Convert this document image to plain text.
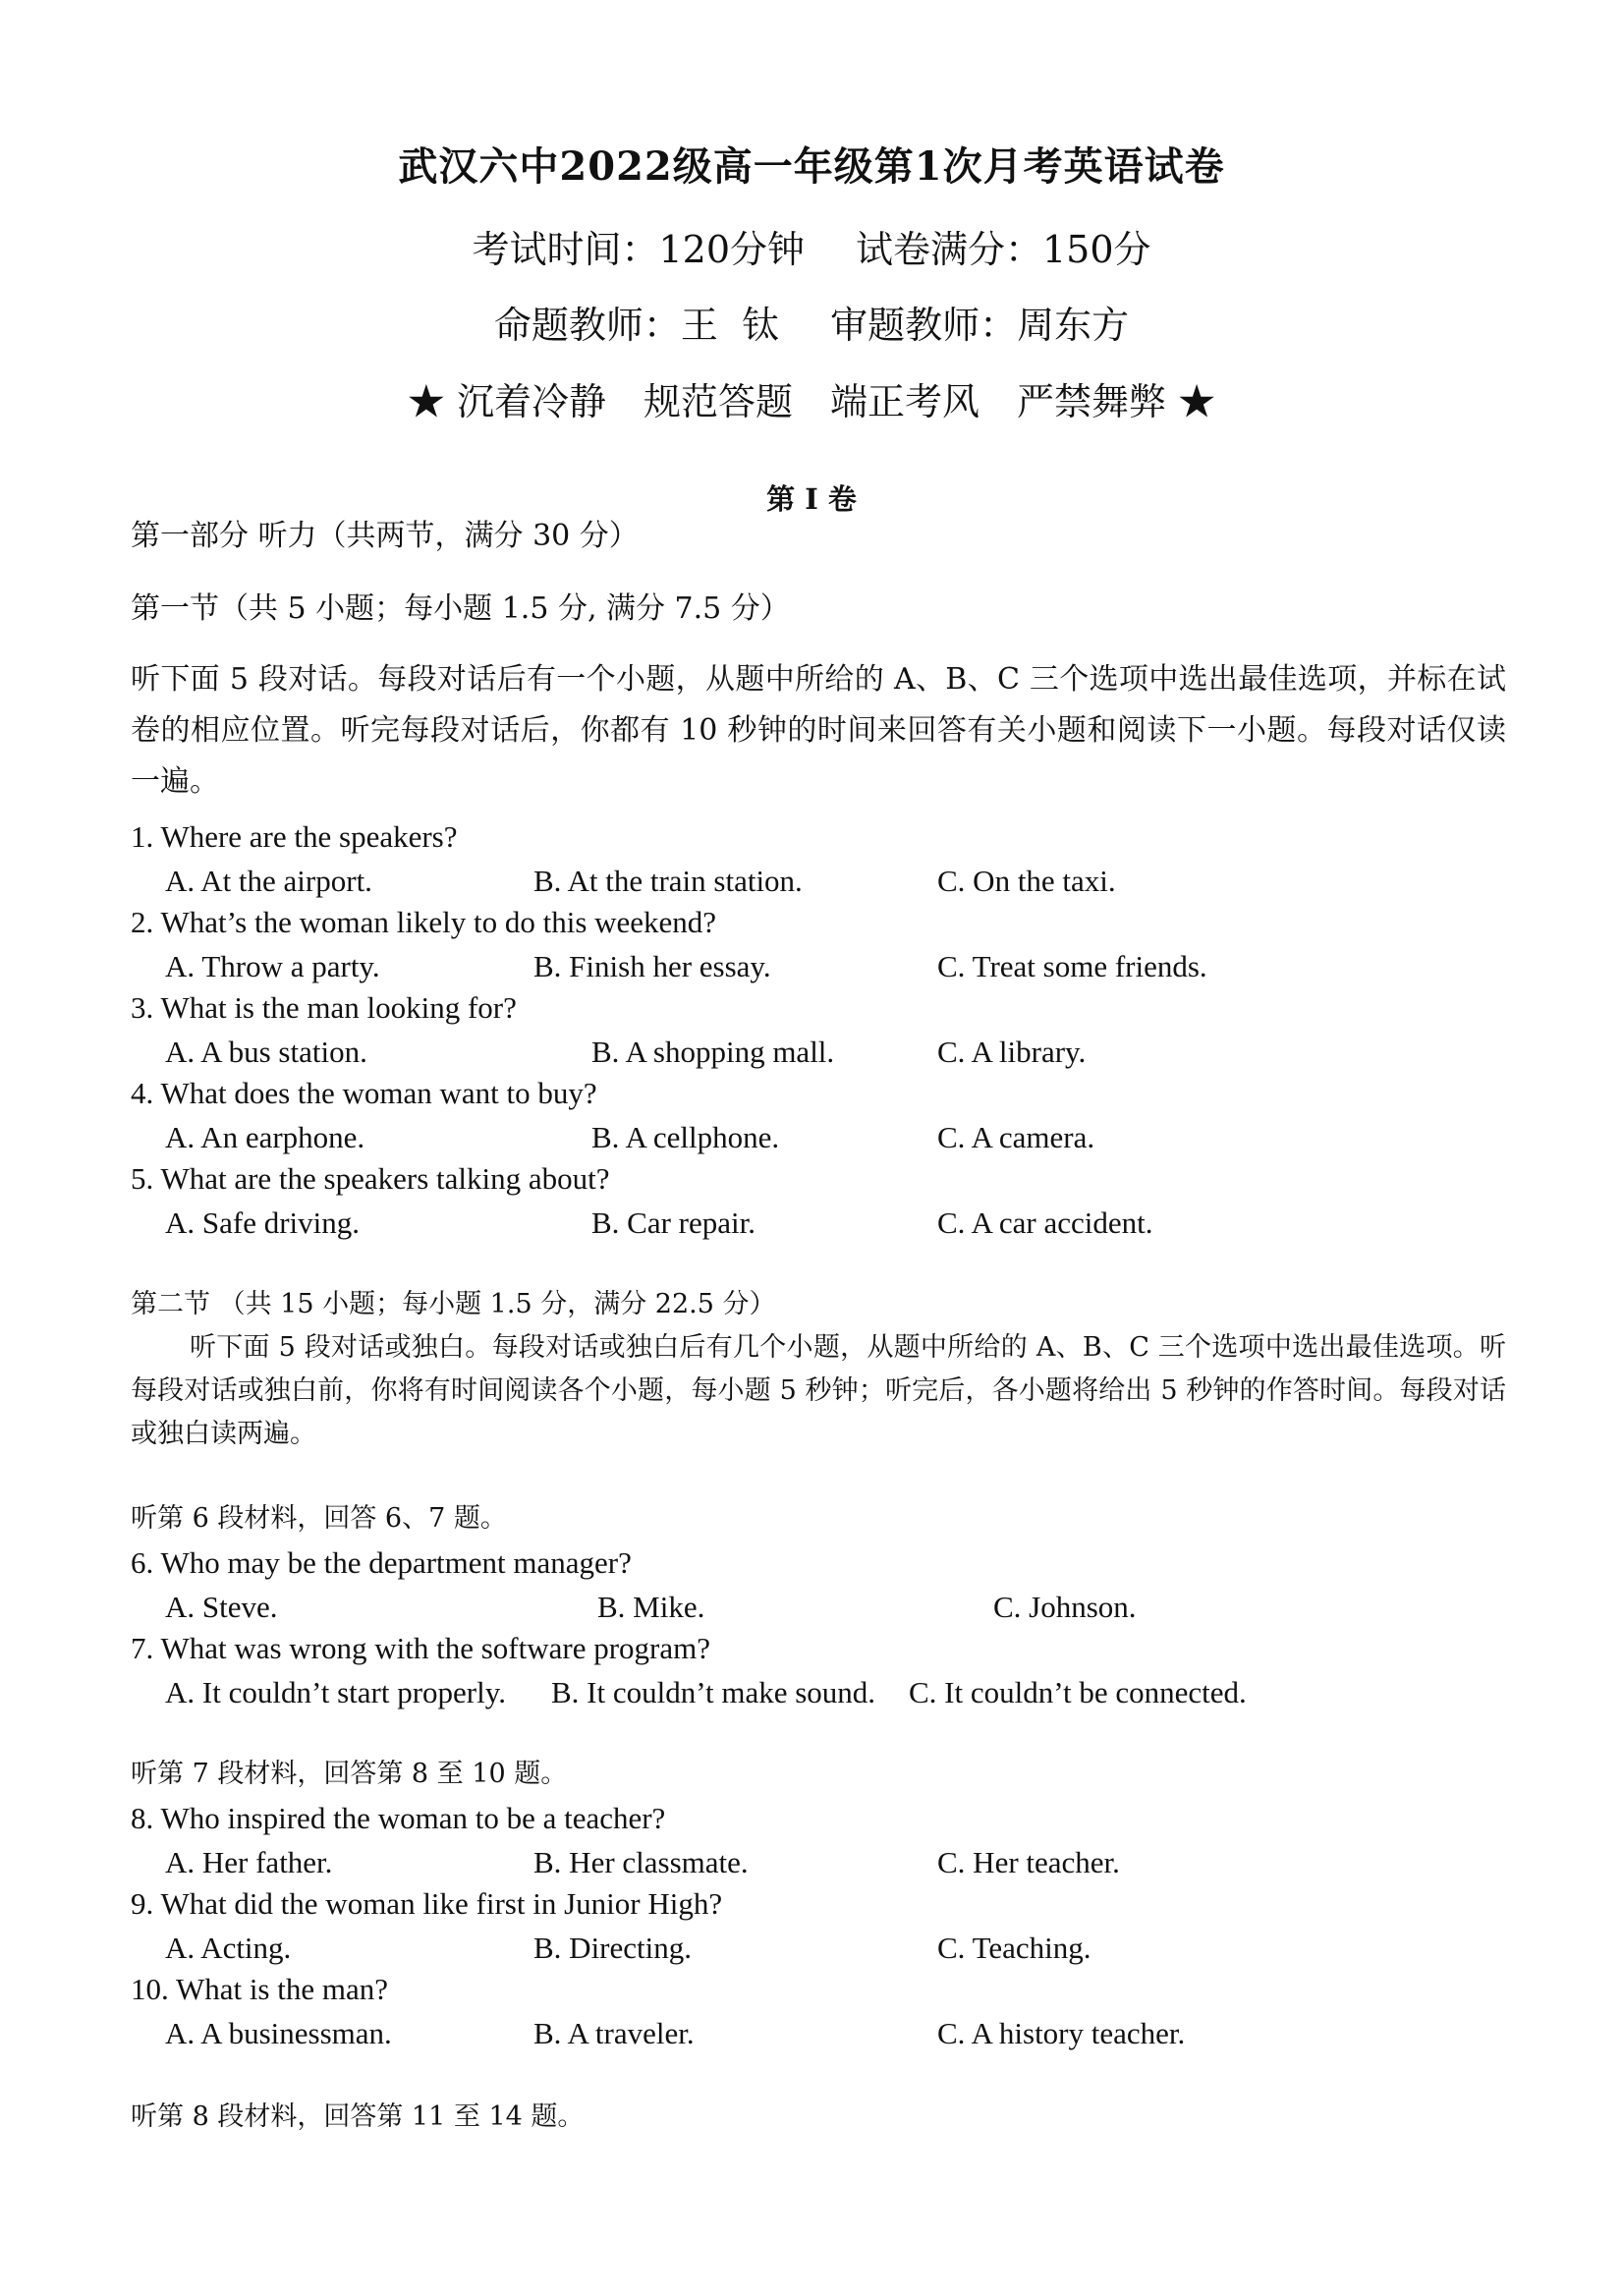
武汉六中2022级高一年级第1次月考英语试卷
考试时间：120分钟 试卷满分：150分
命题教师：王  钛 审题教师：周东方
★ 沉着冷静 规范答题 端正考风 严禁舞弊 ★
第 I 卷
第一部分 听力（共两节，满分 30 分）
第一节（共 5 小题；每小题 1.5 分, 满分 7.5 分）
听下面 5 段对话。每段对话后有一个小题，从题中所给的 A、B、C 三个选项中选出最佳选项，并标在试卷的相应位置。听完每段对话后，你都有 10 秒钟的时间来回答有关小题和阅读下一小题。每段对话仅读一遍。
1. Where are the speakers?
A. At the airport.	B. At the train station.	C. On the taxi.
2. What’s the woman likely to do this weekend?
A. Throw a party.	B. Finish her essay.	C. Treat some friends.
3. What is the man looking for?
A. A bus station.	B. A shopping mall.	C. A library.
4. What does the woman want to buy?
A. An earphone.	B. A cellphone.	C. A camera.
5. What are the speakers talking about?
A. Safe driving.	B. Car repair.	C. A car accident.
第二节 （共 15 小题；每小题 1.5 分，满分 22.5 分）
听下面 5 段对话或独白。每段对话或独白后有几个小题，从题中所给的 A、B、C 三个选项中选出最佳选项。听每段对话或独白前，你将有时间阅读各个小题，每小题 5 秒钟；听完后，各小题将给出 5 秒钟的作答时间。每段对话或独白读两遍。
听第 6 段材料，回答 6、7 题。
6. Who may be the department manager?
A. Steve.	B. Mike.	C. Johnson.
7. What was wrong with the software program?
A. It couldn’t start properly. B. It couldn’t make sound. C. It couldn’t be connected.
听第 7 段材料，回答第 8 至 10 题。
8. Who inspired the woman to be a teacher?
A. Her father.	B. Her classmate.	C. Her teacher.
9. What did the woman like first in Junior High?
A. Acting.	B. Directing.	C. Teaching.
10. What is the man?
A. A businessman.	B. A traveler.	C. A history teacher.
听第 8 段材料，回答第 11 至 14 题。
